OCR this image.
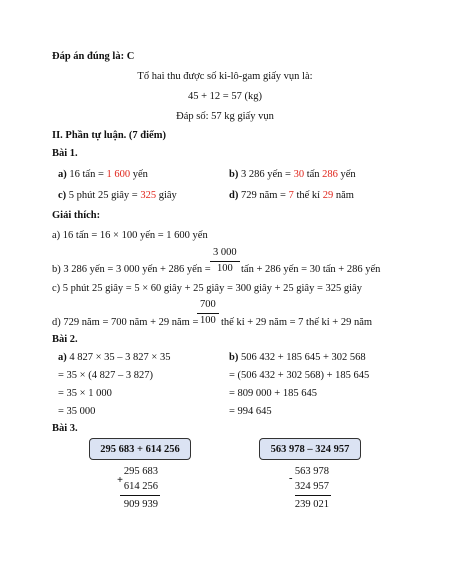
Đáp án đúng là: C
Tổ hai thu được số ki-lô-gam giấy vụn là:
45 + 12 = 57 (kg)
Đáp số: 57 kg giấy vụn
II. Phần tự luận. (7 điểm)
Bài 1.
a) 16 tấn = 1 600 yến	b) 3 286 yến = 30 tấn 286 yến
c) 5 phút 25 giây = 325 giây	d) 729 năm = 7 thế kỉ 29 năm
Giải thích:
a) 16 tấn = 16 × 100 yến = 1 600 yến
b) 3 286 yến = 3 000 yến + 286 yến = $\frac{3 000}{100}$ tấn + 286 yến = 30 tấn + 286 yến
c) 5 phút 25 giây = 5 × 60 giây + 25 giây = 300 giây + 25 giây = 325 giây
d) 729 năm = 700 năm + 29 năm =
$\frac{700}{100}$ thế kỉ + 29 năm = 7 thế kỉ + 29 năm
Bài 2.
a) 4 827 × 35 – 3 827 × 35
= 35 × (4 827 – 3 827)
= 35 × 1 000
= 35 000
b) 506 432 + 185 645 + 302 568
= (506 432 + 302 568) + 185 645
= 809 000 + 185 645
= 994 645
Bài 3.
295 683 + 614 256	563 978 – 324 957
295 683
+
614 256
909 939
563 978
-
324 957
239 021
